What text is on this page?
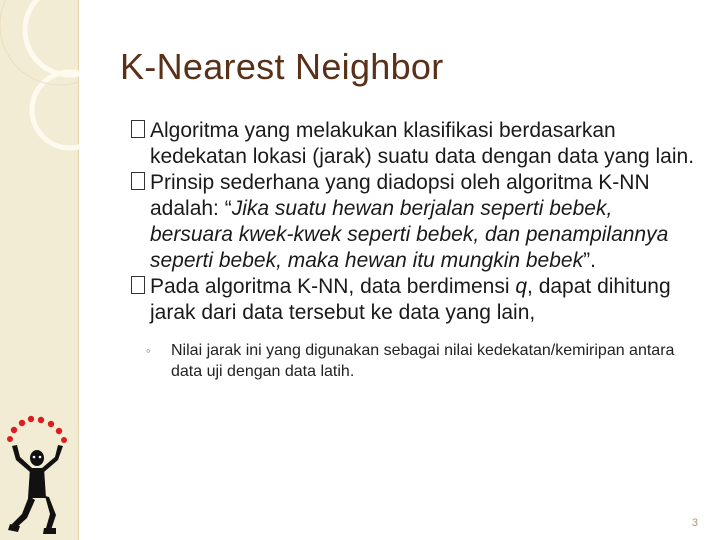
K-Nearest Neighbor
Algoritma yang melakukan klasifikasi berdasarkan kedekatan lokasi (jarak) suatu data dengan data yang lain.
Prinsip sederhana yang diadopsi oleh algoritma K-NN adalah: “Jika suatu hewan berjalan seperti bebek, bersuara kwek-kwek seperti bebek, dan penampilannya seperti bebek, maka hewan itu mungkin bebek”.
Pada algoritma K-NN, data berdimensi q, dapat dihitung jarak dari data tersebut ke data yang lain,
◦ Nilai jarak ini yang digunakan sebagai nilai kedekatan/kemiripan antara data uji dengan data latih.
3
